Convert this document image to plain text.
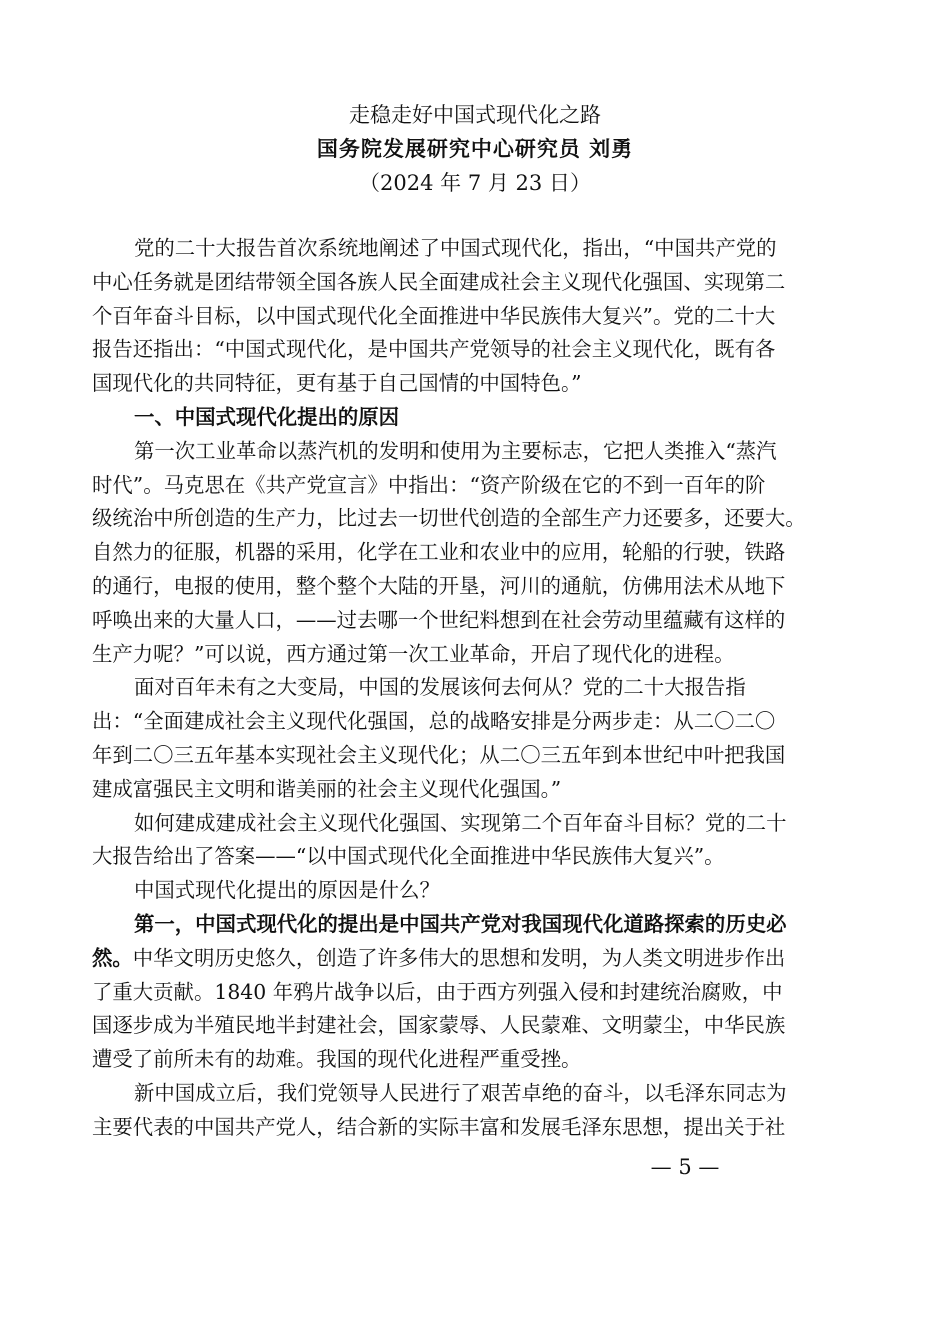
走稳走好中国式现代化之路
国务院发展研究中心研究员 刘勇
（2024 年 7 月 23 日）
党的二十大报告首次系统地阐述了中国式现代化，指出，“中国共产党的
中心任务就是团结带领全国各族人民全面建成社会主义现代化强国、实现第二
个百年奋斗目标，以中国式现代化全面推进中华民族伟大复兴”。党的二十大
报告还指出：“中国式现代化，是中国共产党领导的社会主义现代化，既有各
国现代化的共同特征，更有基于自己国情的中国特色。”
一、中国式现代化提出的原因
第一次工业革命以蒸汽机的发明和使用为主要标志，它把人类推入“蒸汽
时代”。马克思在《共产党宣言》中指出：“资产阶级在它的不到一百年的阶
级统治中所创造的生产力，比过去一切世代创造的全部生产力还要多，还要大。
自然力的征服，机器的采用，化学在工业和农业中的应用，轮船的行驶，铁路
的通行，电报的使用，整个整个大陆的开垦，河川的通航，仿佛用法术从地下
呼唤出来的大量人口，——过去哪一个世纪料想到在社会劳动里蕴藏有这样的
生产力呢？”可以说，西方通过第一次工业革命，开启了现代化的进程。
面对百年未有之大变局，中国的发展该何去何从？党的二十大报告指
出：“全面建成社会主义现代化强国，总的战略安排是分两步走：从二〇二〇
年到二〇三五年基本实现社会主义现代化；从二〇三五年到本世纪中叶把我国
建成富强民主文明和谐美丽的社会主义现代化强国。”
如何建成建成社会主义现代化强国、实现第二个百年奋斗目标？党的二十
大报告给出了答案——“以中国式现代化全面推进中华民族伟大复兴”。
中国式现代化提出的原因是什么？
第一，中国式现代化的提出是中国共产党对我国现代化道路探索的历史必
然。中华文明历史悠久，创造了许多伟大的思想和发明，为人类文明进步作出
了重大贡献。1840 年鸦片战争以后，由于西方列强入侵和封建统治腐败，中
国逐步成为半殖民地半封建社会，国家蒙辱、人民蒙难、文明蒙尘，中华民族
遭受了前所未有的劫难。我国的现代化进程严重受挫。
新中国成立后，我们党领导人民进行了艰苦卓绝的奋斗，以毛泽东同志为
主要代表的中国共产党人，结合新的实际丰富和发展毛泽东思想，提出关于社
— 5 —
